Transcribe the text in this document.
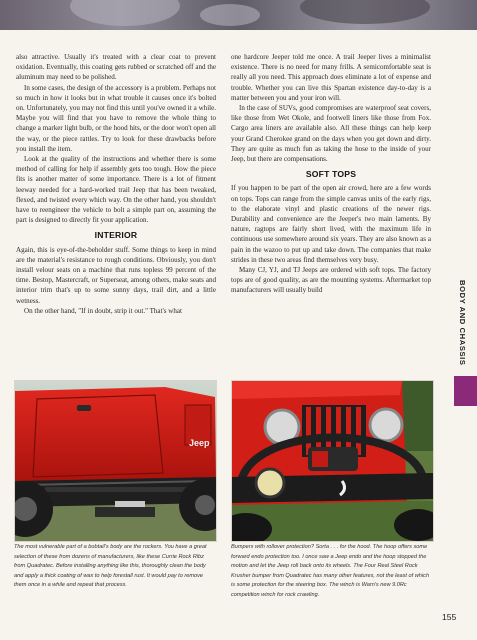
also attractive. Usually it's treated with a clear coat to prevent oxidation. Eventually, this coating gets rubbed or scratched off and the aluminum may need to be polished.

In some cases, the design of the accessory is a problem. Perhaps not so much in how it looks but in what trouble it causes once it's bolted on. Unfortunately, you may not find this until you've owned it a while. Maybe you will find that you have to remove the whole thing to change a marker light bulb, or the hood hits, or the door won't open all the way, or the piece rattles. Try to look for these drawbacks before you install the item.

Look at the quality of the instructions and whether there is some method of calling for help if assembly gets too tough. How the piece fits is another matter of some importance. There is a lot of fitment leeway needed for a hard-worked trail Jeep that has been tweaked, flexed, and twisted every which way. On the other hand, you shouldn't have to reengineer the vehicle to bolt a simple part on, assuming the part is designed to directly fit your application.

INTERIOR

Again, this is eye-of-the-beholder stuff. Some things to keep in mind are the material's resistance to rough conditions. Obviously, you don't install velour seats on a machine that runs topless 99 percent of the time. Bestop, Mastercraft, or Superseat, among others, make seats and interior trim that's up to some sunny days, trail dirt, and a little wetness.

On the other hand, "If in doubt, strip it out." That's what

one hardcore Jeeper told me once. A trail Jeeper lives a minimalist existence. There is no need for many frills. A semicomfortable seat is really all you need. This approach does eliminate a lot of expense and trouble. Whether you can live this Spartan existence day-to-day is a matter between you and your iron will.

In the case of SUVs, good compromises are waterproof seat covers, like those from Wet Okole, and footwell liners like those from Fox. Cargo area liners are available also. All these things can help keep your Grand Cherokee grand on the days when you get down and dirty. They are quite as much fun as taking the hose to the inside of your Jeep, but there are compensations.

SOFT TOPS

If you happen to be part of the open air crowd, here are a few words on tops. Tops can range from the simple canvas units of the early rigs, to the elaborate vinyl and plastic creations of the newer rigs. Durability and convenience are the Jeeper's two main laments. By nature, ragtops are fairly short lived, with the maximum life in continuous use somewhere around six years. They are also known as a pain in the wazoo to put up and take down. The companies that make strides in these two areas find themselves very busy.

Many CJ, YJ, and TJ Jeeps are ordered with soft tops. The factory tops are of good quality, as are the mounting systems. Aftermarket top manufacturers will usually build	BODY AND CHASSIS
Jeep
The most vulnerable part of a bobtail's body are the rockers. You have a great selection of these from dozens of manufacturers, like these Currie Rock Ribz from Quadratec. Before installing anything like this, thoroughly clean the body and apply a thick coating of wax to help forestall rust. It would pay to remove them once in a while and repeat that process.
Bumpers with rollover protection? Sorta . . . for the hood. The hoop offers some forward endo protection too. I once saw a Jeep endo and the hoop stopped the motion and let the Jeep roll back onto its wheels. The Four Real Steel Rock Krusher bumper from Quadratec has many other features, not the least of which is some protection for the steering box. The winch is Warn's new 9.0Rc competition winch for rock crawling.
155
